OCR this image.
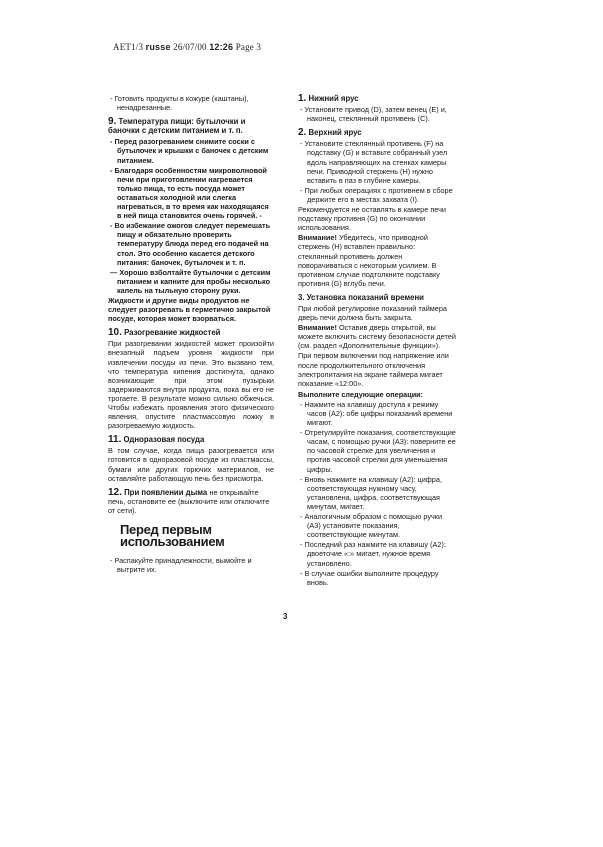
AET1/3 russe 26/07/00 12:26 Page 3

- Готовить продукты в кожуре (каштаны), ненадрезанные.

9. Температура пищи: бутылочки и баночки с детским питанием и т. п.

- Перед разогреванием снимите соски с бутылочек и крышки с баночек с детским питанием.

- Благодаря особенностям микроволновой печи при приготовлении нагревается только пища, то есть посуда может оставаться холодной или слегка нагреваться, в то время как находящаяся в ней пища становится очень горячей. -

- Во избежание ожогов следует перемешать пищу и обязательно проверить температуру блюда перед его подачей на стол. Это особенно касается детского питания: баночек, бутылочек и т. п.

— Хорошо взболтайте бутылочки с детским питанием и капните для пробы несколько капель на тыльную сторону руки.

Жидкости и другие виды продуктов не следует разогревать в герметично закрытой посуде, которая может взорваться.

10. Разогревание жидкостей

При разогревании жидкостей может произойти внезапный подъем уровня жидкости при извлечении посуды из печи. Это вызвано тем, что температура кипения достигнута, однако возникающие при этом пузырьки задерживаются внутри продукта, пока вы его не трогаете. В результате можно сильно обжечься. Чтобы избежать проявления этого физического явления, опустите пластмассовую ложку в разогреваемую жидкость.

11. Одноразовая посуда

В том случае, когда пища разогревается или готовится в одноразовой посуде из пластмассы, бумаги или других горючих материалов, не оставляйте работающую печь без присмотра.

12. При появлении дыма не открывайте печь, остановите ее (выключите или отключите от сети).
Перед первым
использованием

- Распакуйте принадлежности, вымойте и вытрите их.

1. Нижний ярус

- Установите привод (D), затем венец (E) и, наконец, стеклянный противень (C).

2. Верхний ярус

- Установите стеклянный противень (F) на подставку (G) и вставьте собранный узел вдоль направляющих на стенках камеры печи. Приводной стержень (H) нужно вставить в паз в глубине камеры.

- При любых операциях с противнем в сборе держите его в местах захвата (I).

Рекомендуется не оставлять в камере печи подставку противня (G) по окончании использования.

Внимание! Убедитесь, что приводной стержень (H) вставлен правильно: стеклянный противень должен поворачиваться с некоторым усилием. В противном случае подтолкните подставку противня (G) вглубь печи.

3. Установка показаний времени

При любой регулировке показаний таймера дверь печи должна быть закрыта.

Внимание! Оставив дверь открытой, вы можете включить систему безопасности детей (см. раздел «Дополнительные функции»).

При первом включении под напряжение или после продолжительного отключения электропитания на экране таймера мигает показание «12:00».

Выполните следующие операции:

- Нажмите на клавишу доступа к режиму часов (A2): обе цифры показаний времени мигают.

- Отрегулируйте показания, соответствующие часам, с помощью ручки (A3): поверните ее по часовой стрелке для увеличения и против часовой стрелки для уменьшения цифры.

- Вновь нажмите на клавишу (A2): цифра, соответствующая нужному часу, установлена, цифра, соответствующая минутам, мигает.

- Аналогичным образом с помощью ручки (A3) установите показания, соответствующие минутам.

- Последний раз нажмите на клавишу (A2): двоеточие «:» мигает, нужное время установлено.

- В случае ошибки выполните процедуру вновь.

3
